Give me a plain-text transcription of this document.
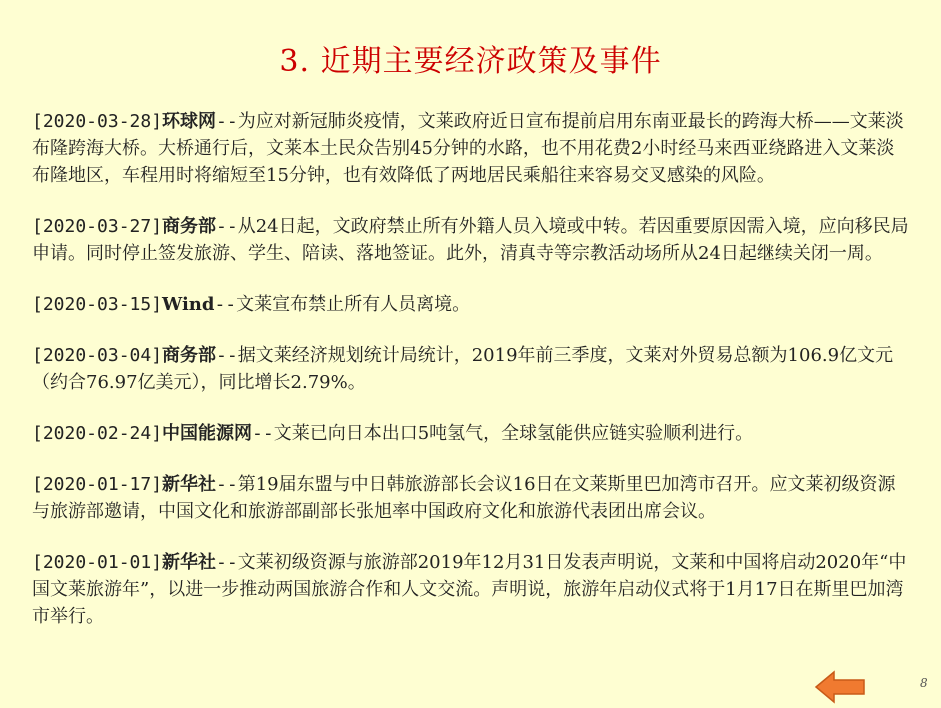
3. 近期主要经济政策及事件
[2020-03-28]环球网--为应对新冠肺炎疫情，文莱政府近日宣布提前启用东南亚最长的跨海大桥——文莱淡布隆跨海大桥。大桥通行后，文莱本土民众告别45分钟的水路，也不用花费2小时经马来西亚绕路进入文莱淡布隆地区，车程用时将缩短至15分钟，也有效降低了两地居民乘船往来容易交叉感染的风险。
[2020-03-27]商务部--从24日起，文政府禁止所有外籍人员入境或中转。若因重要原因需入境，应向移民局申请。同时停止签发旅游、学生、陪读、落地签证。此外，清真寺等宗教活动场所从24日起继续关闭一周。
[2020-03-15]Wind--文莱宣布禁止所有人员离境。
[2020-03-04]商务部--据文莱经济规划统计局统计，2019年前三季度，文莱对外贸易总额为106.9亿文元（约合76.97亿美元），同比增长2.79%。
[2020-02-24]中国能源网--文莱已向日本出口5吨氢气，全球氢能供应链实验顺利进行。
[2020-01-17]新华社--第19届东盟与中日韩旅游部长会议16日在文莱斯里巴加湾市召开。应文莱初级资源与旅游部邀请，中国文化和旅游部副部长张旭率中国政府文化和旅游代表团出席会议。
[2020-01-01]新华社--文莱初级资源与旅游部2019年12月31日发表声明说，文莱和中国将启动2020年“中国文莱旅游年”，以进一步推动两国旅游合作和人文交流。声明说，旅游年启动仪式将于1月17日在斯里巴加湾市举行。
8
